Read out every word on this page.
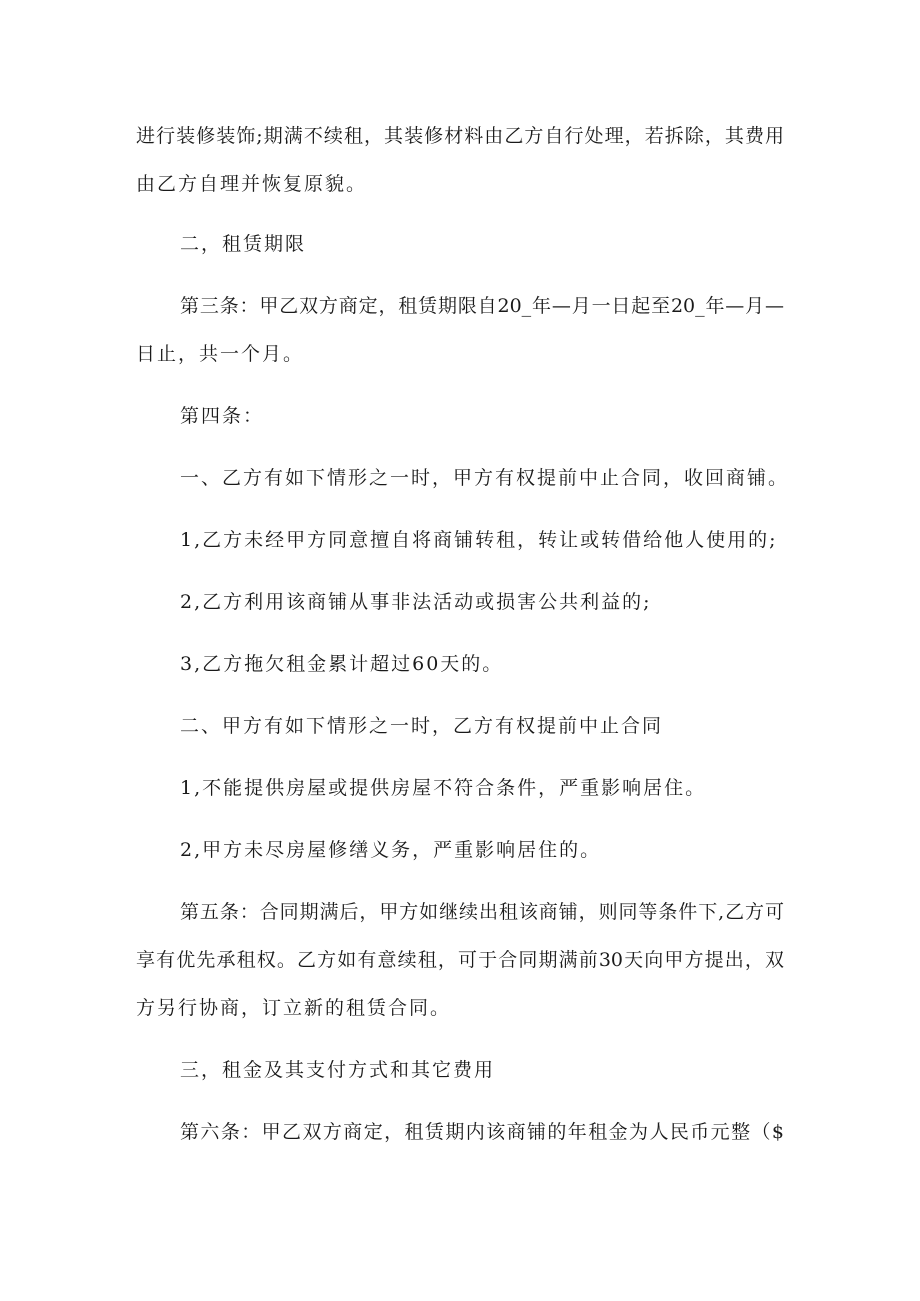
进行装修装饰;期满不续租，其装修材料由乙方自行处理，若拆除，其费用

由乙方自理并恢复原貌。

二，租赁期限

第三条：甲乙双方商定，租赁期限自20_年—月一日起至20_年—月—

日止，共一个月。

第四条：

一、乙方有如下情形之一时，甲方有权提前中止合同，收回商铺。

1,乙方未经甲方同意擅自将商铺转租，转让或转借给他人使用的;

2,乙方利用该商铺从事非法活动或损害公共利益的;

3,乙方拖欠租金累计超过60天的。

二、甲方有如下情形之一时，乙方有权提前中止合同

1,不能提供房屋或提供房屋不符合条件，严重影响居住。

2,甲方未尽房屋修缮义务，严重影响居住的。

第五条：合同期满后，甲方如继续出租该商铺，则同等条件下,乙方可

享有优先承租权。乙方如有意续租，可于合同期满前30天向甲方提出，双

方另行协商，订立新的租赁合同。

三，租金及其支付方式和其它费用

第六条：甲乙双方商定，租赁期内该商铺的年租金为人民币元整（$
